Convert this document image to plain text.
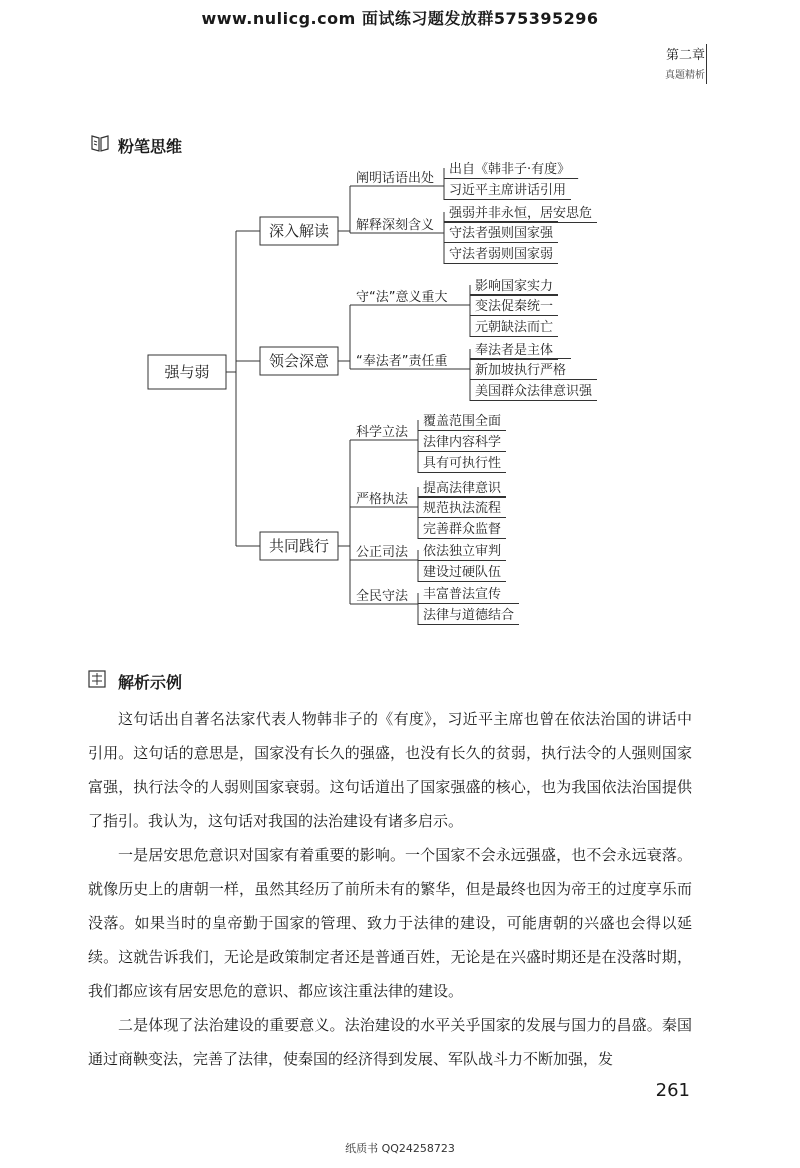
www.nulicg.com 面试练习题发放群575395296
第二章
真题精析
粉笔思维
强与弱
深入解读
阐明话语出处
出自《韩非子·有度》
习近平主席讲话引用
解释深刻含义
强弱并非永恒，居安思危
守法者强则国家强
守法者弱则国家弱
领会深意
守“法”意义重大
影响国家实力
变法促秦统一
元朝缺法而亡
“奉法者”责任重
奉法者是主体
新加坡执行严格
美国群众法律意识强
共同践行
科学立法
覆盖范围全面
法律内容科学
具有可执行性
严格执法
提高法律意识
规范执法流程
完善群众监督
公正司法 依法独立审判
建设过硬队伍
全民守法 丰富普法宣传
法律与道德结合
解析示例

这句话出自著名法家代表人物韩非子的《有度》，习近平主席也曾在依法治国的讲话中引用。这句话的意思是，国家没有长久的强盛，也没有长久的贫弱，执行法令的人强则国家富强，执行法令的人弱则国家衰弱。这句话道出了国家强盛的核心，也为我国依法治国提供了指引。我认为，这句话对我国的法治建设有诸多启示。

一是居安思危意识对国家有着重要的影响。一个国家不会永远强盛，也不会永远衰落。就像历史上的唐朝一样，虽然其经历了前所未有的繁华，但是最终也因为帝王的过度享乐而没落。如果当时的皇帝勤于国家的管理、致力于法律的建设，可能唐朝的兴盛也会得以延续。这就告诉我们，无论是政策制定者还是普通百姓，无论是在兴盛时期还是在没落时期，我们都应该有居安思危的意识、都应该注重法律的建设。

二是体现了法治建设的重要意义。法治建设的水平关乎国家的发展与国力的昌盛。秦国通过商鞅变法，完善了法律，使秦国的经济得到发展、军队战斗力不断加强，发

261
纸质书 QQ24258723
